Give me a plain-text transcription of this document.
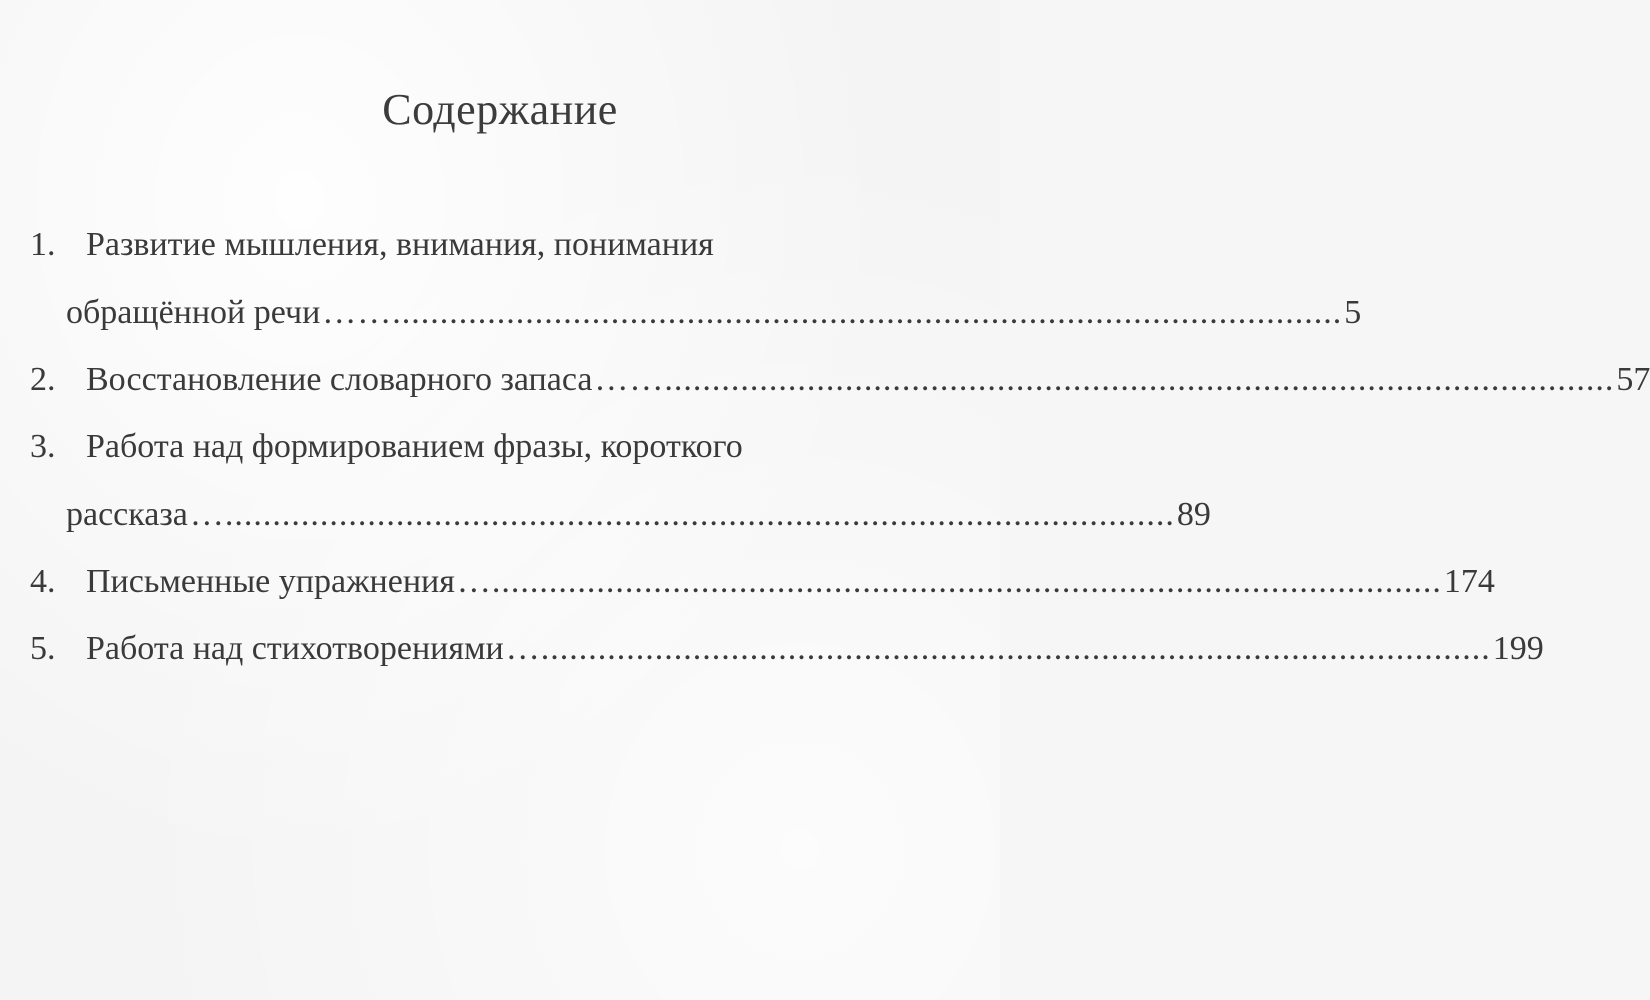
Содержание
1. Развитие мышления, внимания, понимания
обращённой речи …….................................................................................................... 5
2. Восстановление словарного запаса …….................................................................................................... 57
3. Работа над формированием фразы, короткого
рассказа ….................................................................................................... 89
4. Письменные упражнения ….................................................................................................... 174
5. Работа над стихотворениями ….................................................................................................... 199
